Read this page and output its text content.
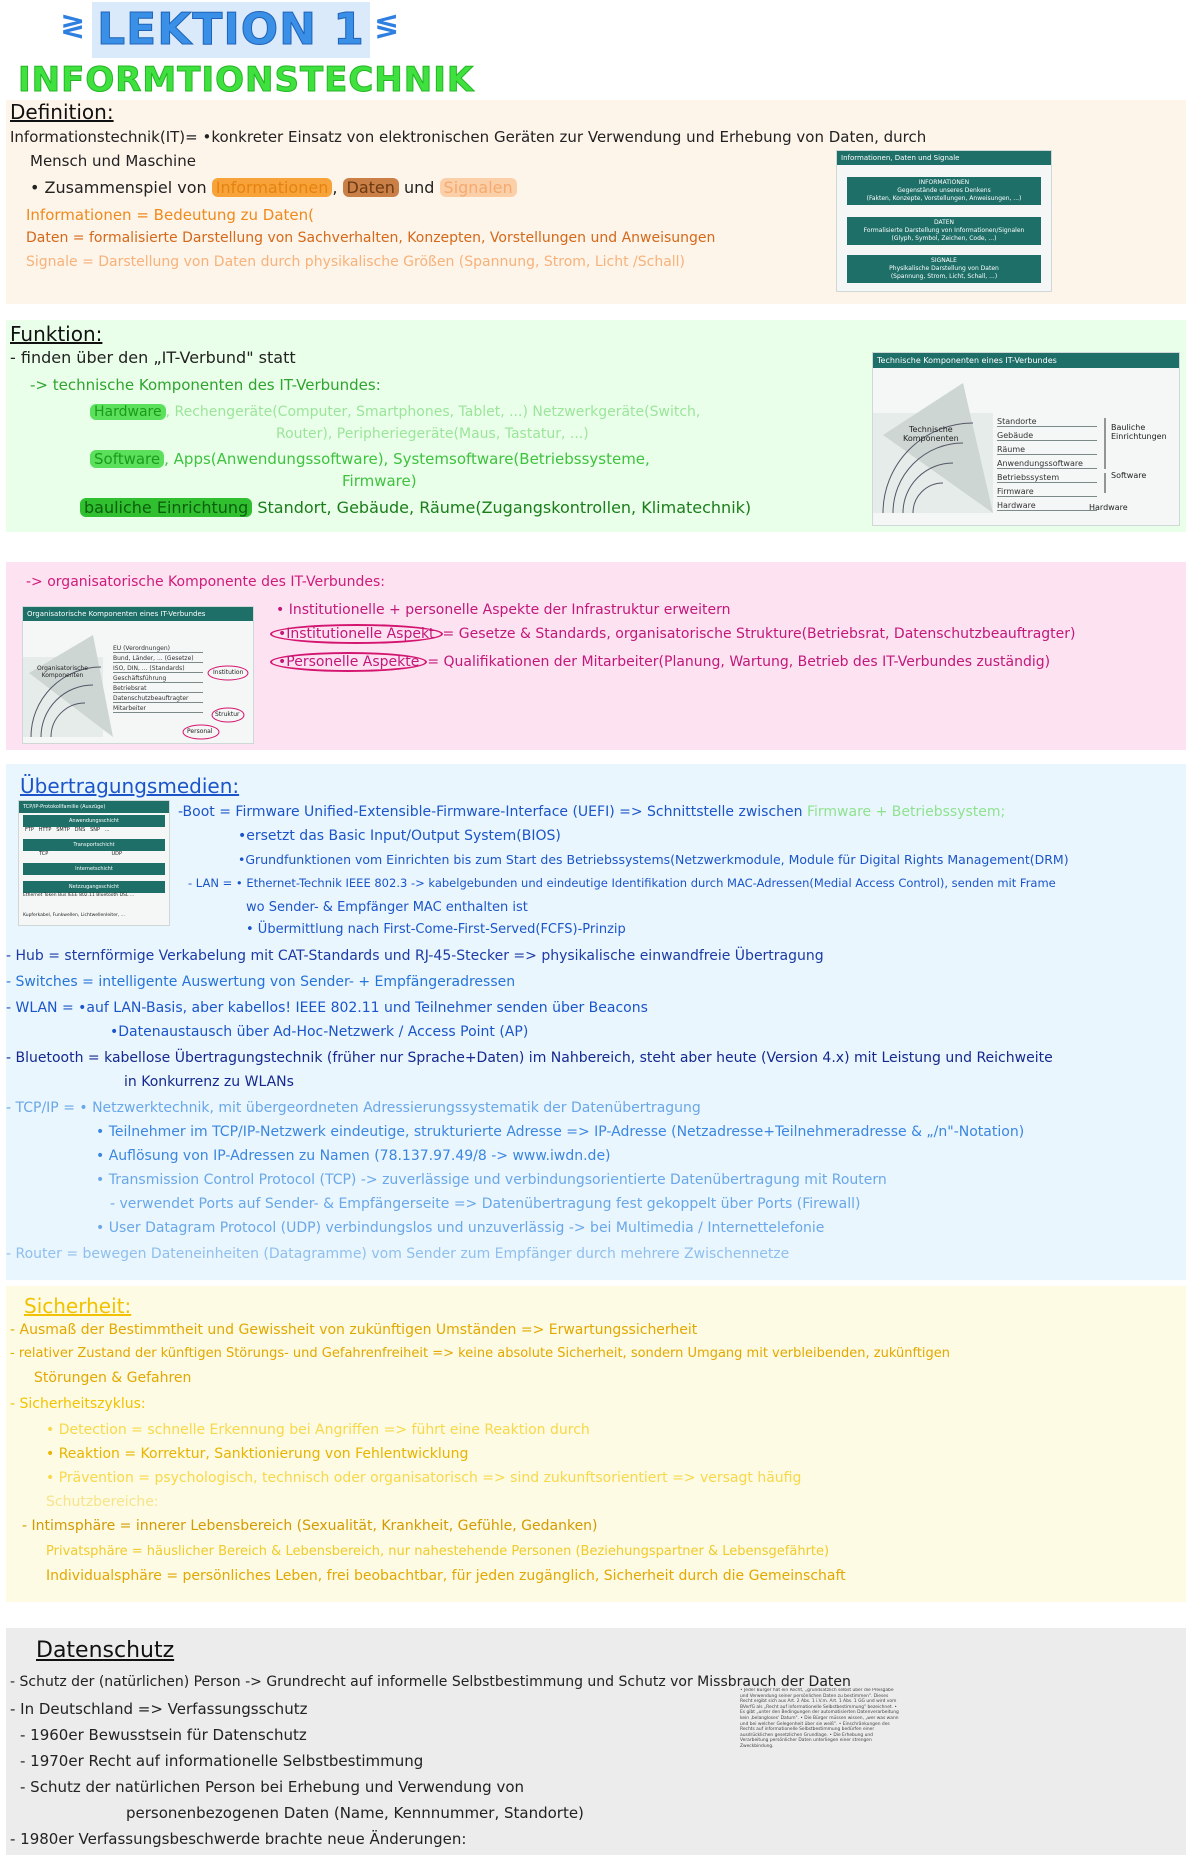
≷ LEKTION 1 ≶
INFORMTIONSTECHNIK
Definition:
Informationstechnik(IT)= •konkreter Einsatz von elektronischen Geräten zur Verwendung und Erhebung von Daten, durch
Mensch und Maschine
• Zusammenspiel von Informationen , Daten und Signalen
Informationen = Bedeutung zu Daten(
Daten = formalisierte Darstellung von Sachverhalten, Konzepten, Vorstellungen und Anweisungen
Signale = Darstellung von Daten durch physikalische Größen (Spannung, Strom, Licht /Schall)
Informationen, Daten und Signale
INFORMATIONEN
Gegenstände unseres Denkens
(Fakten, Konzepte, Vorstellungen, Anweisungen, ...)
DATEN
Formalisierte Darstellung von Informationen/Signalen
(Glyph, Symbol, Zeichen, Code, ...)
SIGNALE
Physikalische Darstellung von Daten
(Spannung, Strom, Licht, Schall, ...)
Funktion:
- finden über den „IT-Verbund" statt
-> technische Komponenten des IT-Verbundes:
Hardware , Rechengeräte(Computer, Smartphones, Tablet, ...) Netzwerkgeräte(Switch,
Router), Peripheriegeräte(Maus, Tastatur, ...)
Software , Apps(Anwendungssoftware), Systemsoftware(Betriebssysteme,
Firmware)
bauliche Einrichtung Standort, Gebäude, Räume(Zugangskontrollen, Klimatechnik)
Technische Komponenten eines IT-Verbundes
Technische
Komponenten
Standorte
Gebäude
Räume
Anwendungssoftware
Betriebssystem
Firmware
Hardware
Bauliche
Einrichtungen
Software
Hardware
-> organisatorische Komponente des IT-Verbundes:
• Institutionelle + personelle Aspekte der Infrastruktur erweitern
•Institutionelle Aspekt = Gesetze & Standards, organisatorische Strukture(Betriebsrat, Datenschutzbeauftragter)
•Personelle Aspekte = Qualifikationen der Mitarbeiter(Planung, Wartung, Betrieb des IT-Verbundes zuständig)
Organisatorische Komponenten eines IT-Verbundes
Organisatorische
Komponenten
EU (Verordnungen)
Bund, Länder, ... (Gesetze)
ISO, DIN, ... (Standards)
Geschäftsführung
Betriebsrat
Datenschutzbeauftragter
Mitarbeiter
Institution
Struktur
Personal
Übertragungsmedien:
TCP/IP-Protokollfamilie (Auszüge)
Anwendungsschicht
FTP HTTP SMTP DNS SNP ...
Transportschicht
TCP	UDP
Internetschicht
Netzzugangsschicht
Ethernet Token Bus IEEE 802.11 Bluetooth DSL ...
Kupferkabel, Funkwellen, Lichtwellenleiter, ...
-Boot = Firmware Unified-Extensible-Firmware-Interface (UEFI) => Schnittstelle zwischen Firmware + Betriebssystem;
•ersetzt das Basic Input/Output System(BIOS)
•Grundfunktionen vom Einrichten bis zum Start des Betriebssystems(Netzwerkmodule, Module für Digital Rights Management(DRM)
- LAN = • Ethernet-Technik IEEE 802.3 -> kabelgebunden und eindeutige Identifikation durch MAC-Adressen(Medial Access Control), senden mit Frame
wo Sender- & Empfänger MAC enthalten ist
• Übermittlung nach First-Come-First-Served(FCFS)-Prinzip
- Hub = sternförmige Verkabelung mit CAT-Standards und RJ-45-Stecker => physikalische einwandfreie Übertragung
- Switches = intelligente Auswertung von Sender- + Empfängeradressen
- WLAN = •auf LAN-Basis, aber kabellos! IEEE 802.11 und Teilnehmer senden über Beacons
•Datenaustausch über Ad-Hoc-Netzwerk / Access Point (AP)
- Bluetooth = kabellose Übertragungstechnik (früher nur Sprache+Daten) im Nahbereich, steht aber heute (Version 4.x) mit Leistung und Reichweite
in Konkurrenz zu WLANs
- TCP/IP = • Netzwerktechnik, mit übergeordneten Adressierungssystematik der Datenübertragung
• Teilnehmer im TCP/IP-Netzwerk eindeutige, strukturierte Adresse => IP-Adresse (Netzadresse+Teilnehmeradresse & „/n"-Notation)
• Auflösung von IP-Adressen zu Namen (78.137.97.49/8 -> www.iwdn.de)
• Transmission Control Protocol (TCP) -> zuverlässige und verbindungsorientierte Datenübertragung mit Routern
- verwendet Ports auf Sender- & Empfängerseite => Datenübertragung fest gekoppelt über Ports (Firewall)
• User Datagram Protocol (UDP) verbindungslos und unzuverlässig -> bei Multimedia / Internettelefonie
- Router = bewegen Dateneinheiten (Datagramme) vom Sender zum Empfänger durch mehrere Zwischennetze
Sicherheit:
- Ausmaß der Bestimmtheit und Gewissheit von zukünftigen Umständen => Erwartungssicherheit
- relativer Zustand der künftigen Störungs- und Gefahrenfreiheit => keine absolute Sicherheit, sondern Umgang mit verbleibenden, zukünftigen
Störungen & Gefahren
- Sicherheitszyklus:
• Detection = schnelle Erkennung bei Angriffen => führt eine Reaktion durch
• Reaktion = Korrektur, Sanktionierung von Fehlentwicklung
• Prävention = psychologisch, technisch oder organisatorisch => sind zukunftsorientiert => versagt häufig
Schutzbereiche:
- Intimsphäre = innerer Lebensbereich (Sexualität, Krankheit, Gefühle, Gedanken)
Privatsphäre = häuslicher Bereich & Lebensbereich, nur nahestehende Personen (Beziehungspartner & Lebensgefährte)
Individualsphäre = persönliches Leben, frei beobachtbar, für jeden zugänglich, Sicherheit durch die Gemeinschaft
Datenschutz
- Schutz der (natürlichen) Person -> Grundrecht auf informelle Selbstbestimmung und Schutz vor Missbrauch der Daten
- In Deutschland => Verfassungsschutz
- 1960er Bewusstsein für Datenschutz
- 1970er Recht auf informationelle Selbstbestimmung
- Schutz der natürlichen Person bei Erhebung und Verwendung von
personenbezogenen Daten (Name, Kennnummer, Standorte)
- 1980er Verfassungsbeschwerde brachte neue Änderungen:
• Jeder Bürger hat ein Recht, „grundsätzlich selbst über die Preisgabe und Verwendung seiner persönlichen Daten zu bestimmen". Dieses Recht ergibt sich aus Art. 2 Abs. 1 i.V.m. Art. 1 Abs. 1 GG und wird vom BVerfG als „Recht auf informationelle Selbstbestimmung" bezeichnet. • Es gibt „unter den Bedingungen der automatisierten Datenverarbeitung kein ‚belangloses' Datum". • Die Bürger müssen wissen, „wer was wann und bei welcher Gelegenheit über sie weiß". • Einschränkungen des Rechts auf informationelle Selbstbestimmung bedürfen einer ausdrücklichen gesetzlichen Grundlage. • Die Erhebung und Verarbeitung persönlicher Daten unterliegen einer strengen Zweckbindung.
